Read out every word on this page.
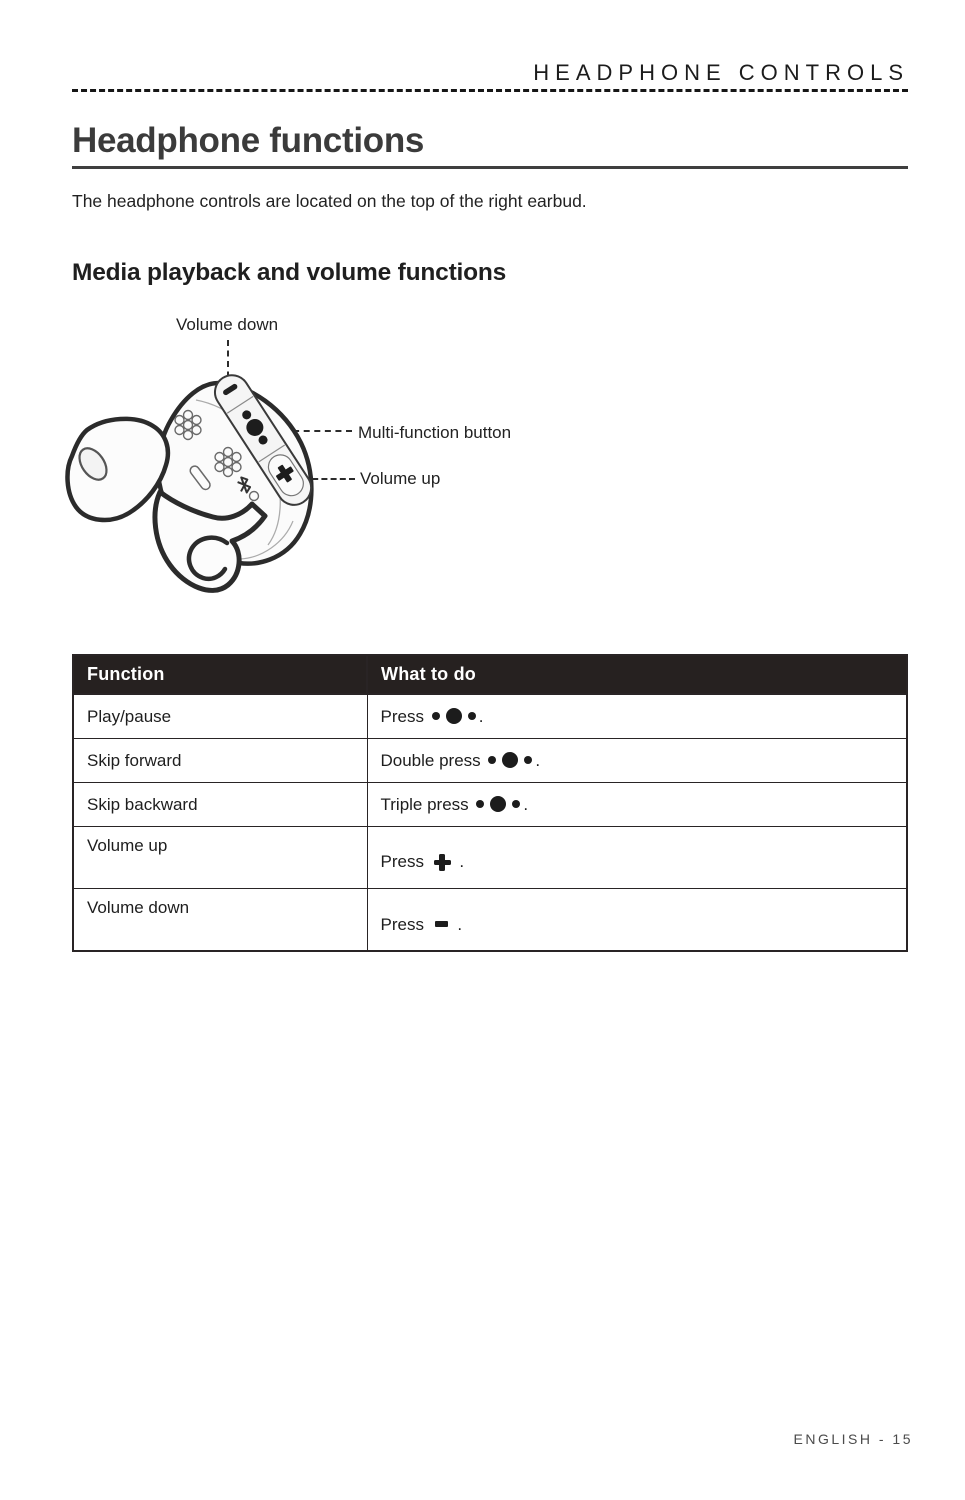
HEADPHONE CONTROLS
Headphone functions

The headphone controls are located on the top of the right earbud.

Media playback and volume functions
Volume down
Multi-function button
Volume up
Function	What to do
Play/pause	Press .
Skip forward	Double press .
Skip backward	Triple press .
Volume up	Press  .
Volume down	Press  .
ENGLISH - 15
